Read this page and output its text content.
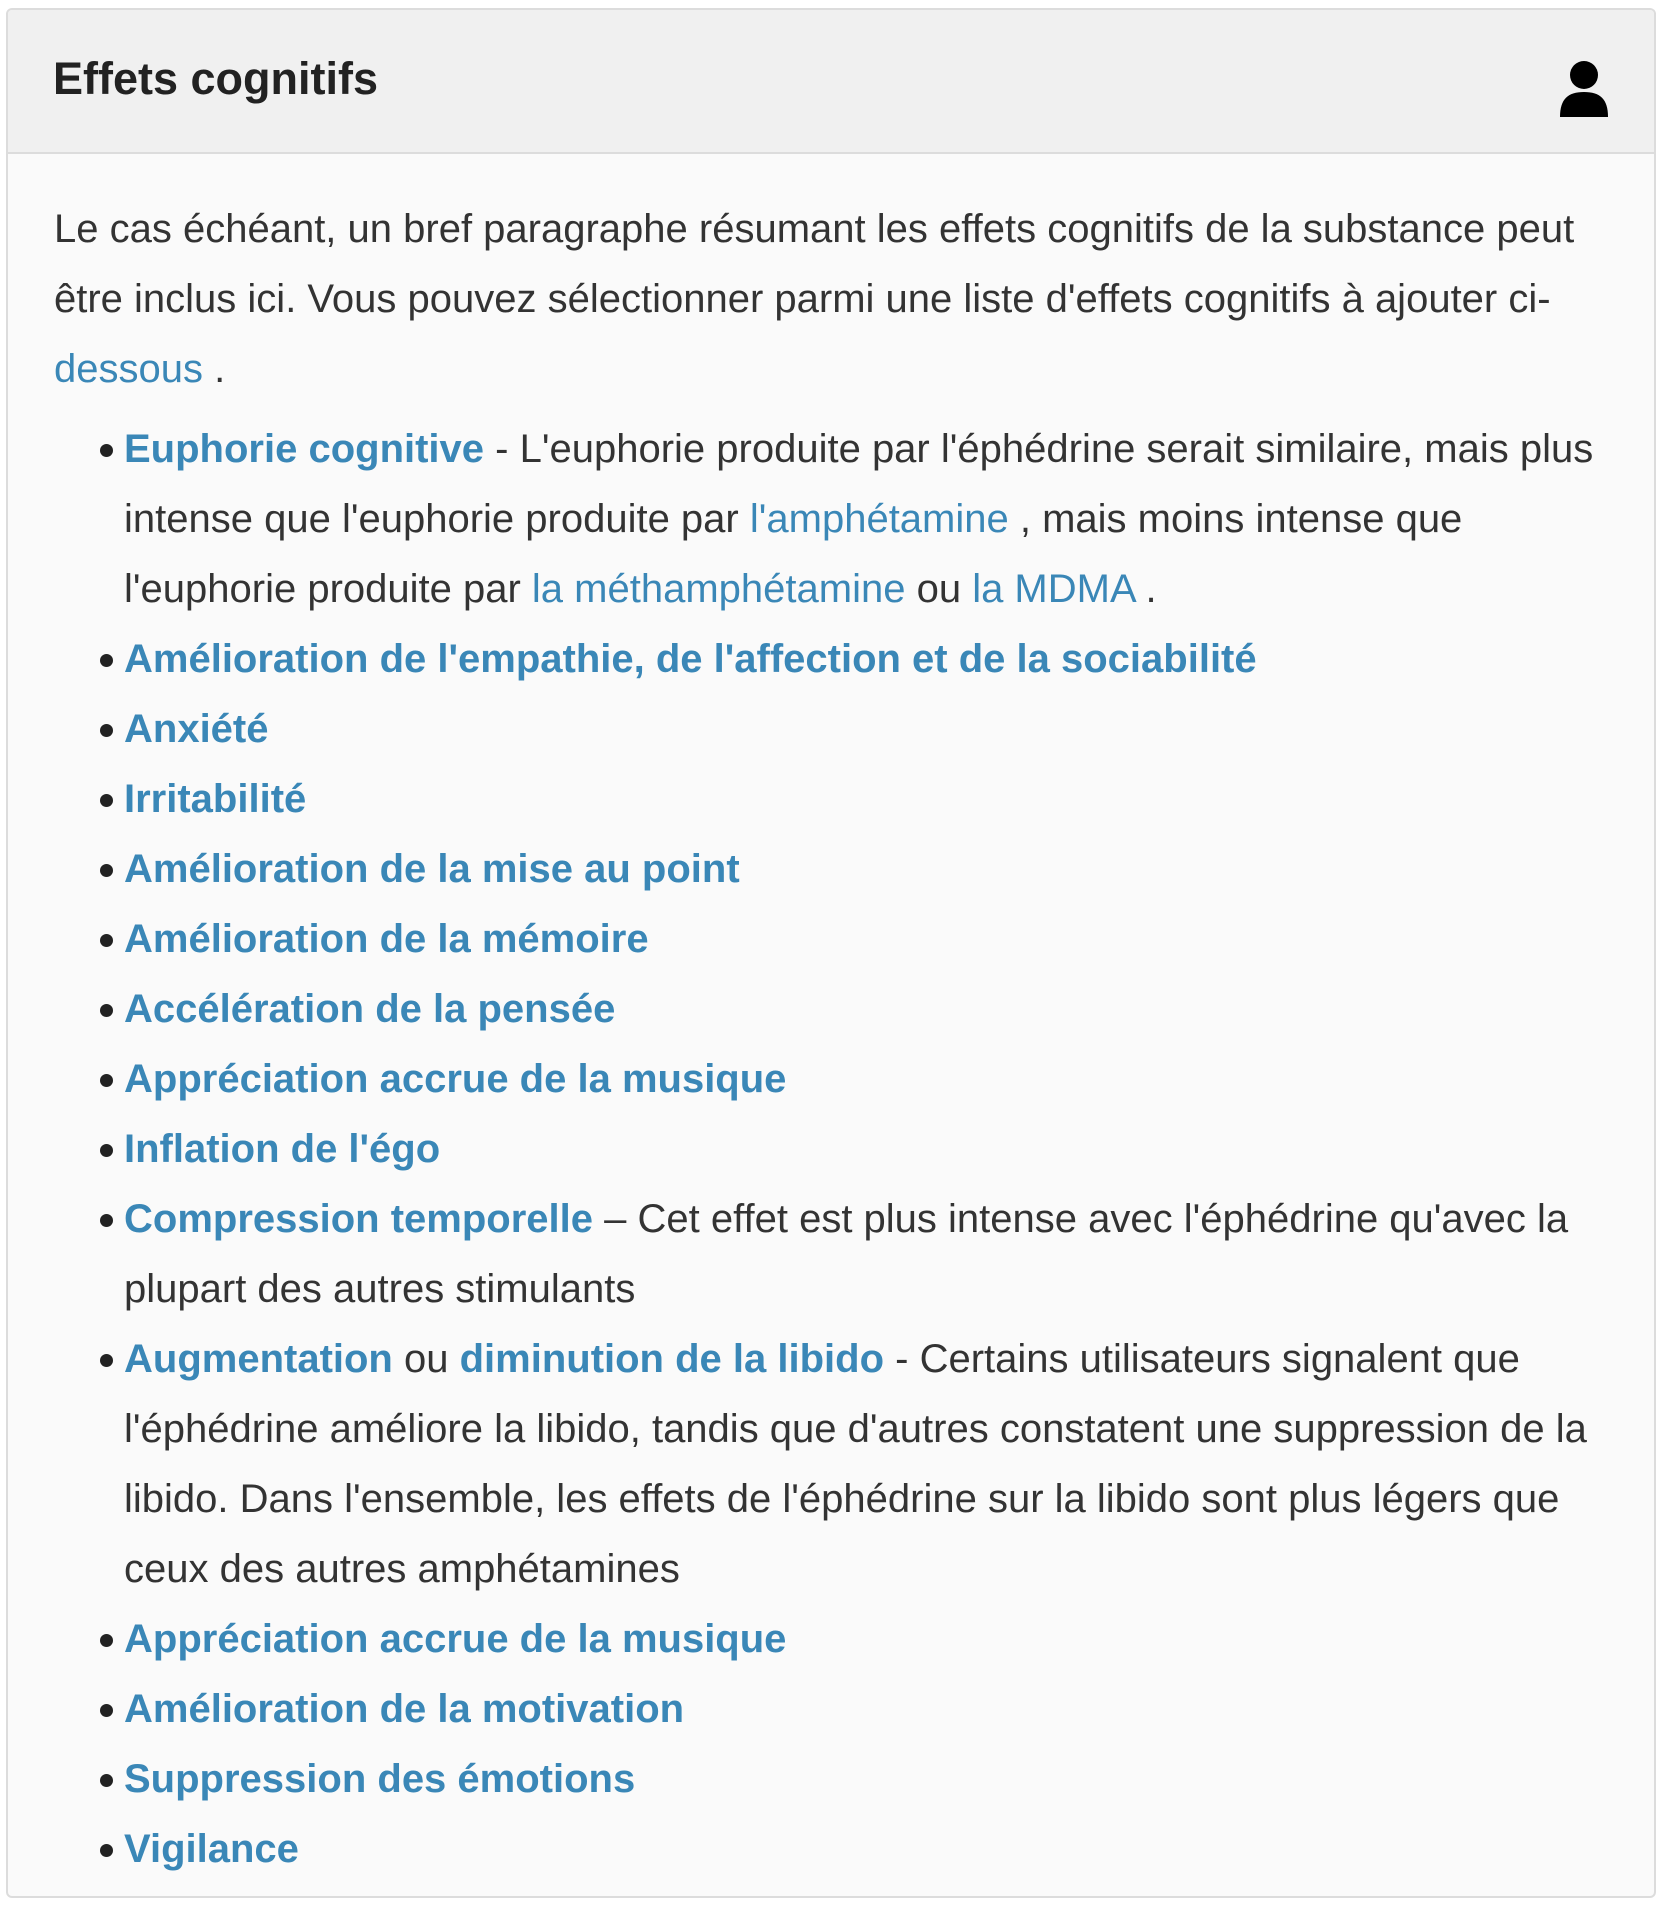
Effets cognitifs

Le cas échéant, un bref paragraphe résumant les effets cognitifs de la substance peut être inclus ici. Vous pouvez sélectionner parmi une liste d'effets cognitifs à ajouter ci- dessous .

Euphorie cognitive - L'euphorie produite par l'éphédrine serait similaire, mais plus intense que l'euphorie produite par l'amphétamine , mais moins intense que l'euphorie produite par la méthamphétamine ou la MDMA .
Amélioration de l'empathie, de l'affection et de la sociabilité
Anxiété
Irritabilité
Amélioration de la mise au point
Amélioration de la mémoire
Accélération de la pensée
Appréciation accrue de la musique
Inflation de l'égo
Compression temporelle – Cet effet est plus intense avec l'éphédrine qu'avec la plupart des autres stimulants
Augmentation ou diminution de la libido - Certains utilisateurs signalent que l'éphédrine améliore la libido, tandis que d'autres constatent une suppression de la libido. Dans l'ensemble, les effets de l'éphédrine sur la libido sont plus légers que ceux des autres amphétamines
Appréciation accrue de la musique
Amélioration de la motivation
Suppression des émotions
Vigilance
